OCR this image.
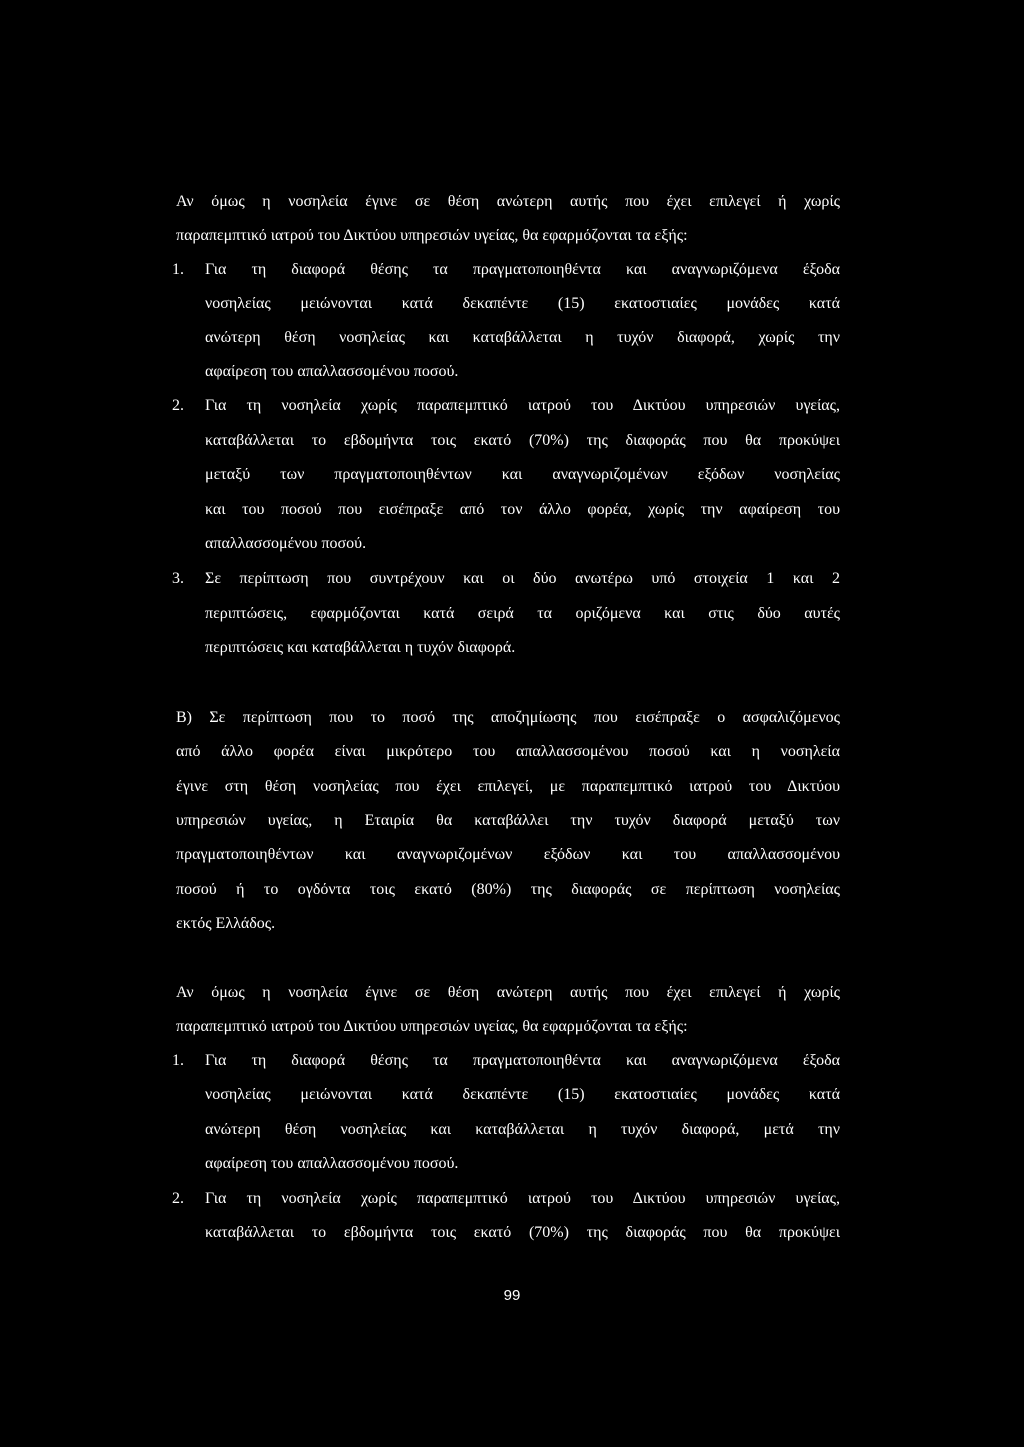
Αν όμως η νοσηλεία έγινε σε θέση ανώτερη αυτής που έχει επιλεγεί ή χωρίς
παραπεμπτικό ιατρού του Δικτύου υπηρεσιών υγείας, θα εφαρμόζονται τα εξής:
1. Για τη διαφορά θέσης τα πραγματοποιηθέντα και αναγνωριζόμενα έξοδα
νοσηλείας μειώνονται κατά δεκαπέντε (15) εκατοστιαίες μονάδες κατά
ανώτερη θέση νοσηλείας και καταβάλλεται η τυχόν διαφορά, χωρίς την
αφαίρεση του απαλλασσομένου ποσού.
2. Για τη νοσηλεία χωρίς παραπεμπτικό ιατρού του Δικτύου υπηρεσιών υγείας,
καταβάλλεται το εβδομήντα τοις εκατό (70%) της διαφοράς που θα προκύψει
μεταξύ των πραγματοποιηθέντων και αναγνωριζομένων εξόδων νοσηλείας
και του ποσού που εισέπραξε από τον άλλο φορέα, χωρίς την αφαίρεση του
απαλλασσομένου ποσού.
3. Σε περίπτωση που συντρέχουν και οι δύο ανωτέρω υπό στοιχεία 1 και 2
περιπτώσεις, εφαρμόζονται κατά σειρά τα οριζόμενα και στις δύο αυτές
περιπτώσεις και καταβάλλεται η τυχόν διαφορά.
Β) Σε περίπτωση που το ποσό της αποζημίωσης που εισέπραξε ο ασφαλιζόμενος
από άλλο φορέα είναι μικρότερο του απαλλασσομένου ποσού και η νοσηλεία
έγινε στη θέση νοσηλείας που έχει επιλεγεί, με παραπεμπτικό ιατρού του Δικτύου
υπηρεσιών υγείας, η Εταιρία θα καταβάλλει την τυχόν διαφορά μεταξύ των
πραγματοποιηθέντων και αναγνωριζομένων εξόδων και του απαλλασσομένου
ποσού ή το ογδόντα τοις εκατό (80%) της διαφοράς σε περίπτωση νοσηλείας
εκτός Ελλάδος.
Αν όμως η νοσηλεία έγινε σε θέση ανώτερη αυτής που έχει επιλεγεί ή χωρίς
παραπεμπτικό ιατρού του Δικτύου υπηρεσιών υγείας, θα εφαρμόζονται τα εξής:
1. Για τη διαφορά θέσης τα πραγματοποιηθέντα και αναγνωριζόμενα έξοδα
νοσηλείας μειώνονται κατά δεκαπέντε (15) εκατοστιαίες μονάδες κατά
ανώτερη θέση νοσηλείας και καταβάλλεται η τυχόν διαφορά, μετά την
αφαίρεση του απαλλασσομένου ποσού.
2. Για τη νοσηλεία χωρίς παραπεμπτικό ιατρού του Δικτύου υπηρεσιών υγείας,
καταβάλλεται το εβδομήντα τοις εκατό (70%) της διαφοράς που θα προκύψει
99
